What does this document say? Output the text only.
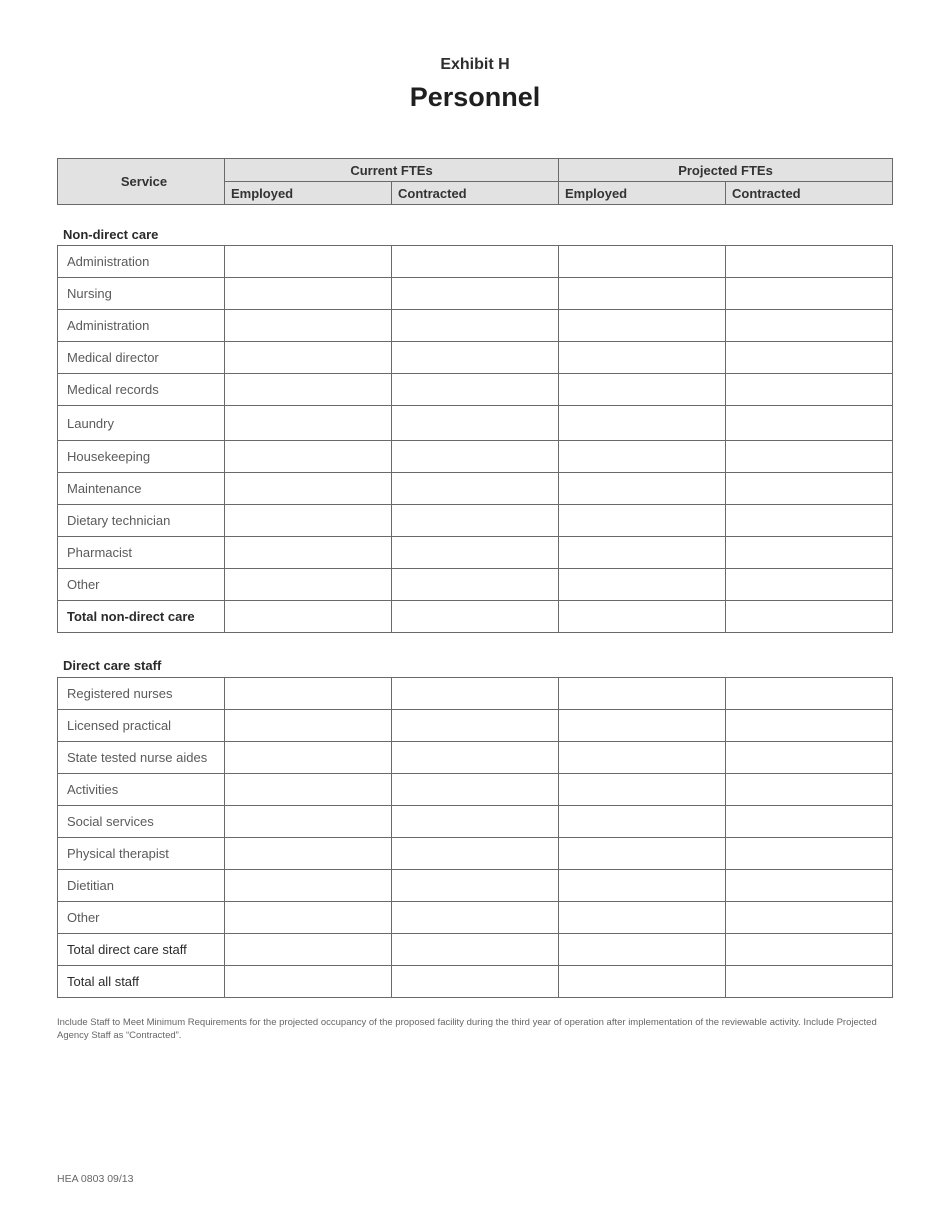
Exhibit H
Personnel
Service	Current FTEs		Projected FTEs	
	Employed	Contracted	Employed	Contracted
Non-direct care
Administration				
Nursing				
Administration				
Medical director				
Medical records				
Laundry				
Housekeeping				
Maintenance				
Dietary technician				
Pharmacist				
Other				
Total non-direct care				
Direct care staff
Registered nurses				
Licensed practical				
State tested nurse aides				
Activities				
Social services				
Physical therapist				
Dietitian				
Other				
Total direct care staff				
Total all staff				
Include Staff to Meet Minimum Requirements for the projected occupancy of the proposed facility during the third year of operation after implementation of the reviewable activity. Include Projected Agency Staff as “Contracted”.
HEA 0803 09/13
